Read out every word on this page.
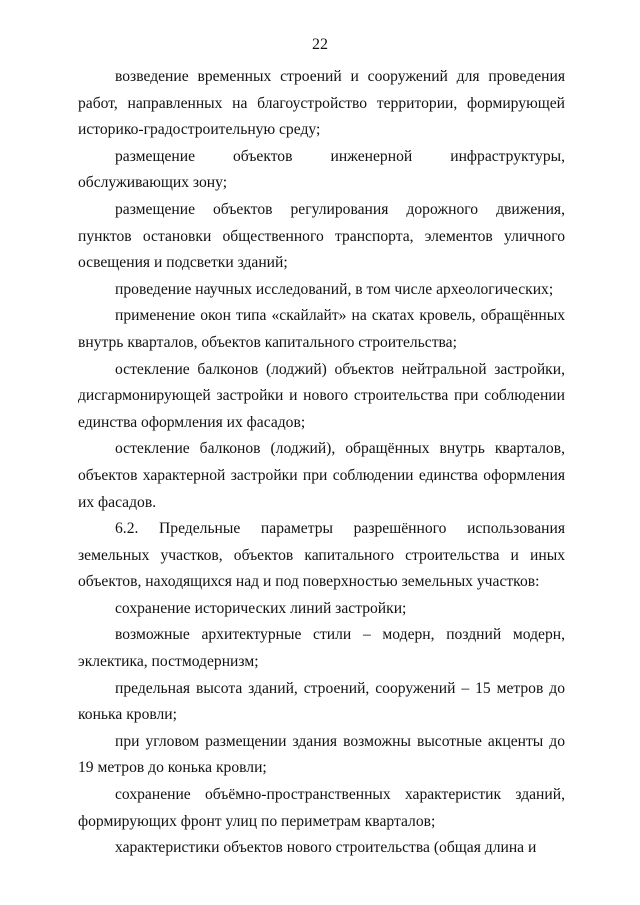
22

возведение временных строений и сооружений для проведения работ, направленных на благоустройство территории, формирующей историко-градостроительную среду;

размещение объектов инженерной инфраструктуры, обслуживающих зону;

размещение объектов регулирования дорожного движения, пунктов остановки общественного транспорта, элементов уличного освещения и подсветки зданий;

проведение научных исследований, в том числе археологических;

применение окон типа «скайлайт» на скатах кровель, обращённых внутрь кварталов, объектов капитального строительства;

остекление балконов (лоджий) объектов нейтральной застройки, дисгармонирующей застройки и нового строительства при соблюдении единства оформления их фасадов;

остекление балконов (лоджий), обращённых внутрь кварталов, объектов характерной застройки при соблюдении единства оформления их фасадов.

6.2. Предельные параметры разрешённого использования земельных участков, объектов капитального строительства и иных объектов, находящихся над и под поверхностью земельных участков:

сохранение исторических линий застройки;

возможные архитектурные стили – модерн, поздний модерн, эклектика, постмодернизм;

предельная высота зданий, строений, сооружений – 15 метров до конька кровли;

при угловом размещении здания возможны высотные акценты до 19 метров до конька кровли;

сохранение объёмно-пространственных характеристик зданий, формирующих фронт улиц по периметрам кварталов;

характеристики объектов нового строительства (общая длина и
